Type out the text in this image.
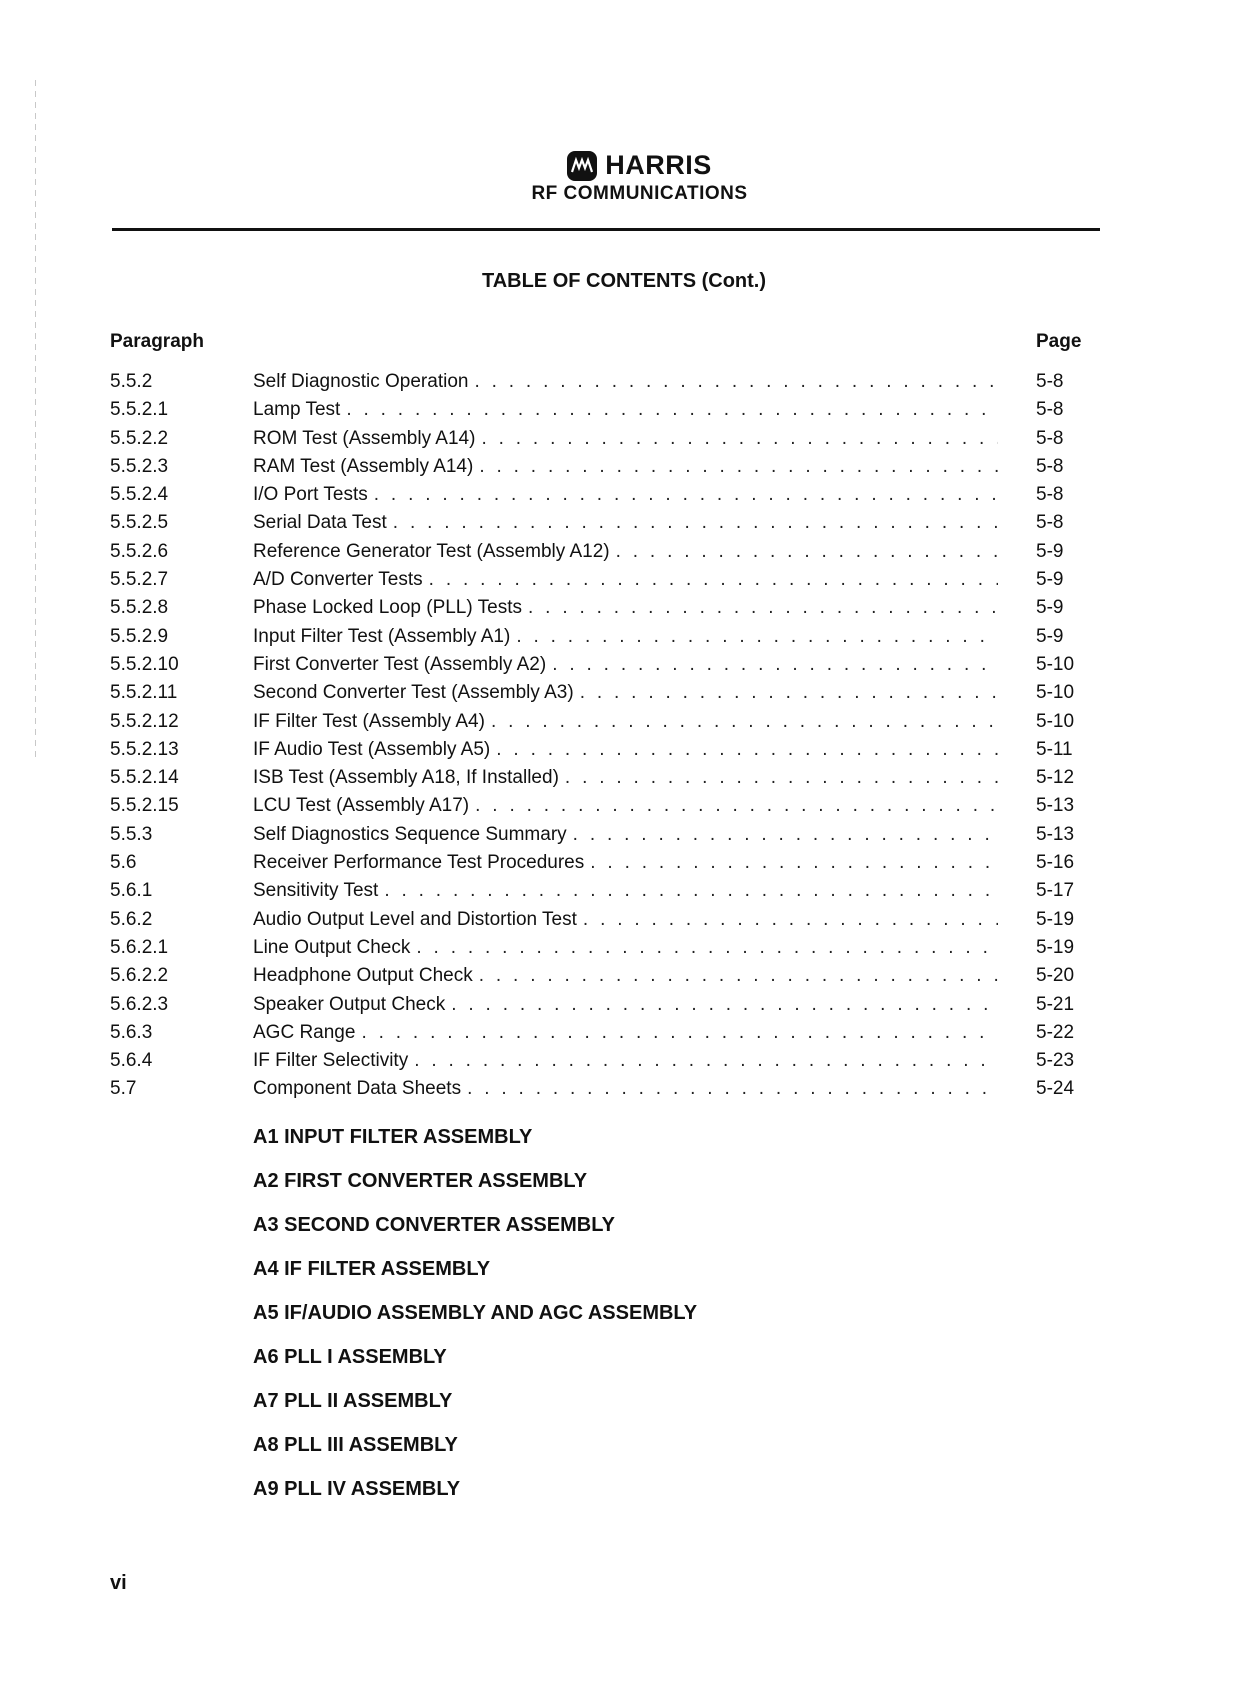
HARRIS
RF COMMUNICATIONS
TABLE OF CONTENTS (Cont.)
Paragraph	Page
5.5.2	Self Diagnostic Operation . . .	5-8
5.5.2.1	Lamp Test . . .	5-8
5.5.2.2	ROM Test (Assembly A14) . . .	5-8
5.5.2.3	RAM Test (Assembly A14) . . .	5-8
5.5.2.4	I/O Port Tests . . .	5-8
5.5.2.5	Serial Data Test . . .	5-8
5.5.2.6	Reference Generator Test (Assembly A12) . . .	5-9
5.5.2.7	A/D Converter Tests . . .	5-9
5.5.2.8	Phase Locked Loop (PLL) Tests . . .	5-9
5.5.2.9	Input Filter Test (Assembly A1) . . .	5-9
5.5.2.10	First Converter Test (Assembly A2) . . .	5-10
5.5.2.11	Second Converter Test (Assembly A3) . . .	5-10
5.5.2.12	IF Filter Test (Assembly A4) . . .	5-10
5.5.2.13	IF Audio Test (Assembly A5) . . .	5-11
5.5.2.14	ISB Test (Assembly A18, If Installed) . . .	5-12
5.5.2.15	LCU Test (Assembly A17) . . .	5-13
5.5.3	Self Diagnostics Sequence Summary . . .	5-13
5.6	Receiver Performance Test Procedures . . .	5-16
5.6.1	Sensitivity Test . . .	5-17
5.6.2	Audio Output Level and Distortion Test . . .	5-19
5.6.2.1	Line Output Check . . .	5-19
5.6.2.2	Headphone Output Check . . .	5-20
5.6.2.3	Speaker Output Check . . .	5-21
5.6.3	AGC Range . . .	5-22
5.6.4	IF Filter Selectivity . . .	5-23
5.7	Component Data Sheets . . .	5-24
A1 INPUT FILTER ASSEMBLY
A2 FIRST CONVERTER ASSEMBLY
A3 SECOND CONVERTER ASSEMBLY
A4 IF FILTER ASSEMBLY
A5 IF/AUDIO ASSEMBLY AND AGC ASSEMBLY
A6 PLL I ASSEMBLY
A7 PLL II ASSEMBLY
A8 PLL III ASSEMBLY
A9 PLL IV ASSEMBLY
vi
